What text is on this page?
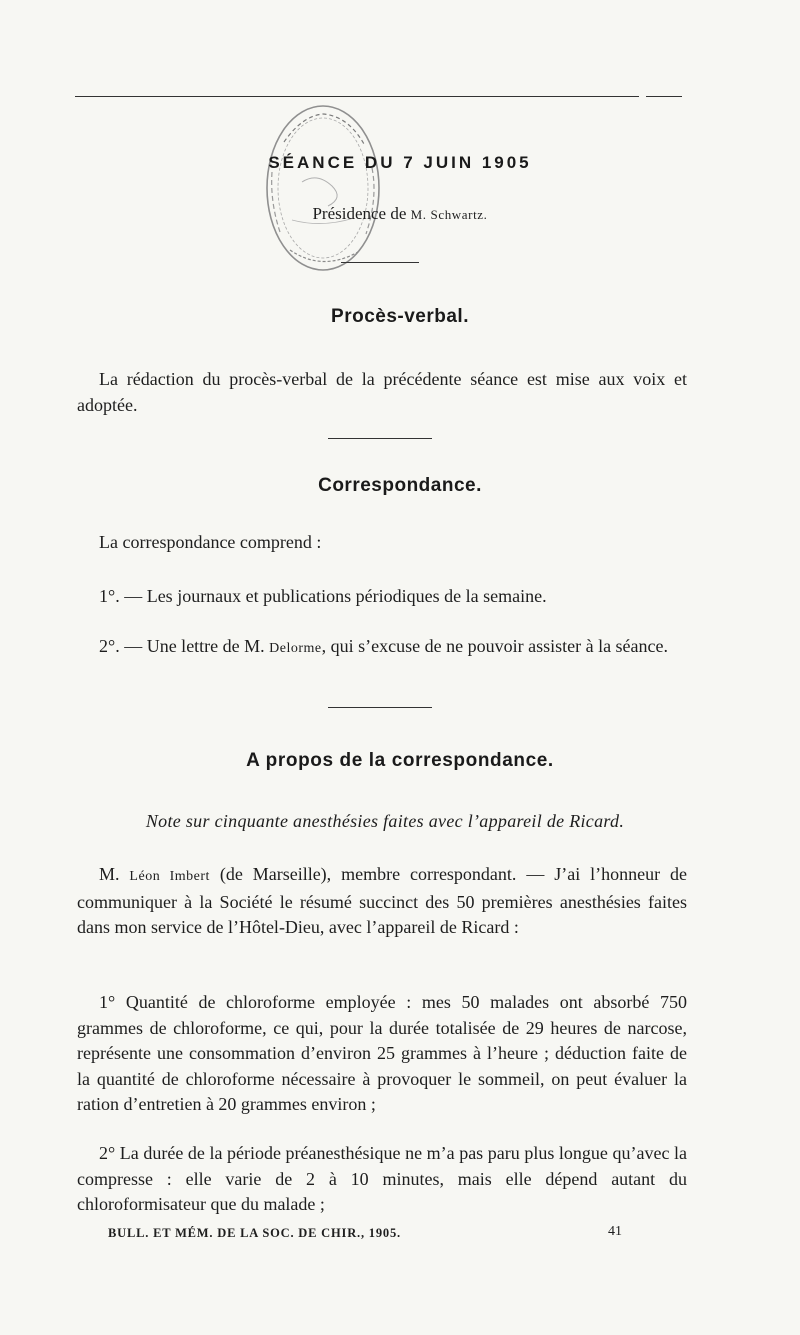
SÉANCE DU 7 JUIN 1905
Présidence de M. Schwartz.
Procès-verbal.
La rédaction du procès-verbal de la précédente séance est mise aux voix et adoptée.
Correspondance.
La correspondance comprend :
1°. — Les journaux et publications périodiques de la semaine.
2°. — Une lettre de M. Delorme, qui s’excuse de ne pouvoir assister à la séance.
A propos de la correspondance.
Note sur cinquante anesthésies faites avec l’appareil de Ricard.
M. Léon Imbert (de Marseille), membre correspondant. — J’ai l’honneur de communiquer à la Société le résumé succinct des 50 premières anesthésies faites dans mon service de l’Hôtel-Dieu, avec l’appareil de Ricard :
1° Quantité de chloroforme employée : mes 50 malades ont absorbé 750 grammes de chloroforme, ce qui, pour la durée totalisée de 29 heures de narcose, représente une consommation d’environ 25 grammes à l’heure ; déduction faite de la quantité de chloroforme nécessaire à provoquer le sommeil, on peut évaluer la ration d’entretien à 20 grammes environ ;
2° La durée de la période préanesthésique ne m’a pas paru plus longue qu’avec la compresse : elle varie de 2 à 10 minutes, mais elle dépend autant du chloroformisateur que du malade ;
BULL. ET MÉM. DE LA SOC. DE CHIR., 1905.	41
